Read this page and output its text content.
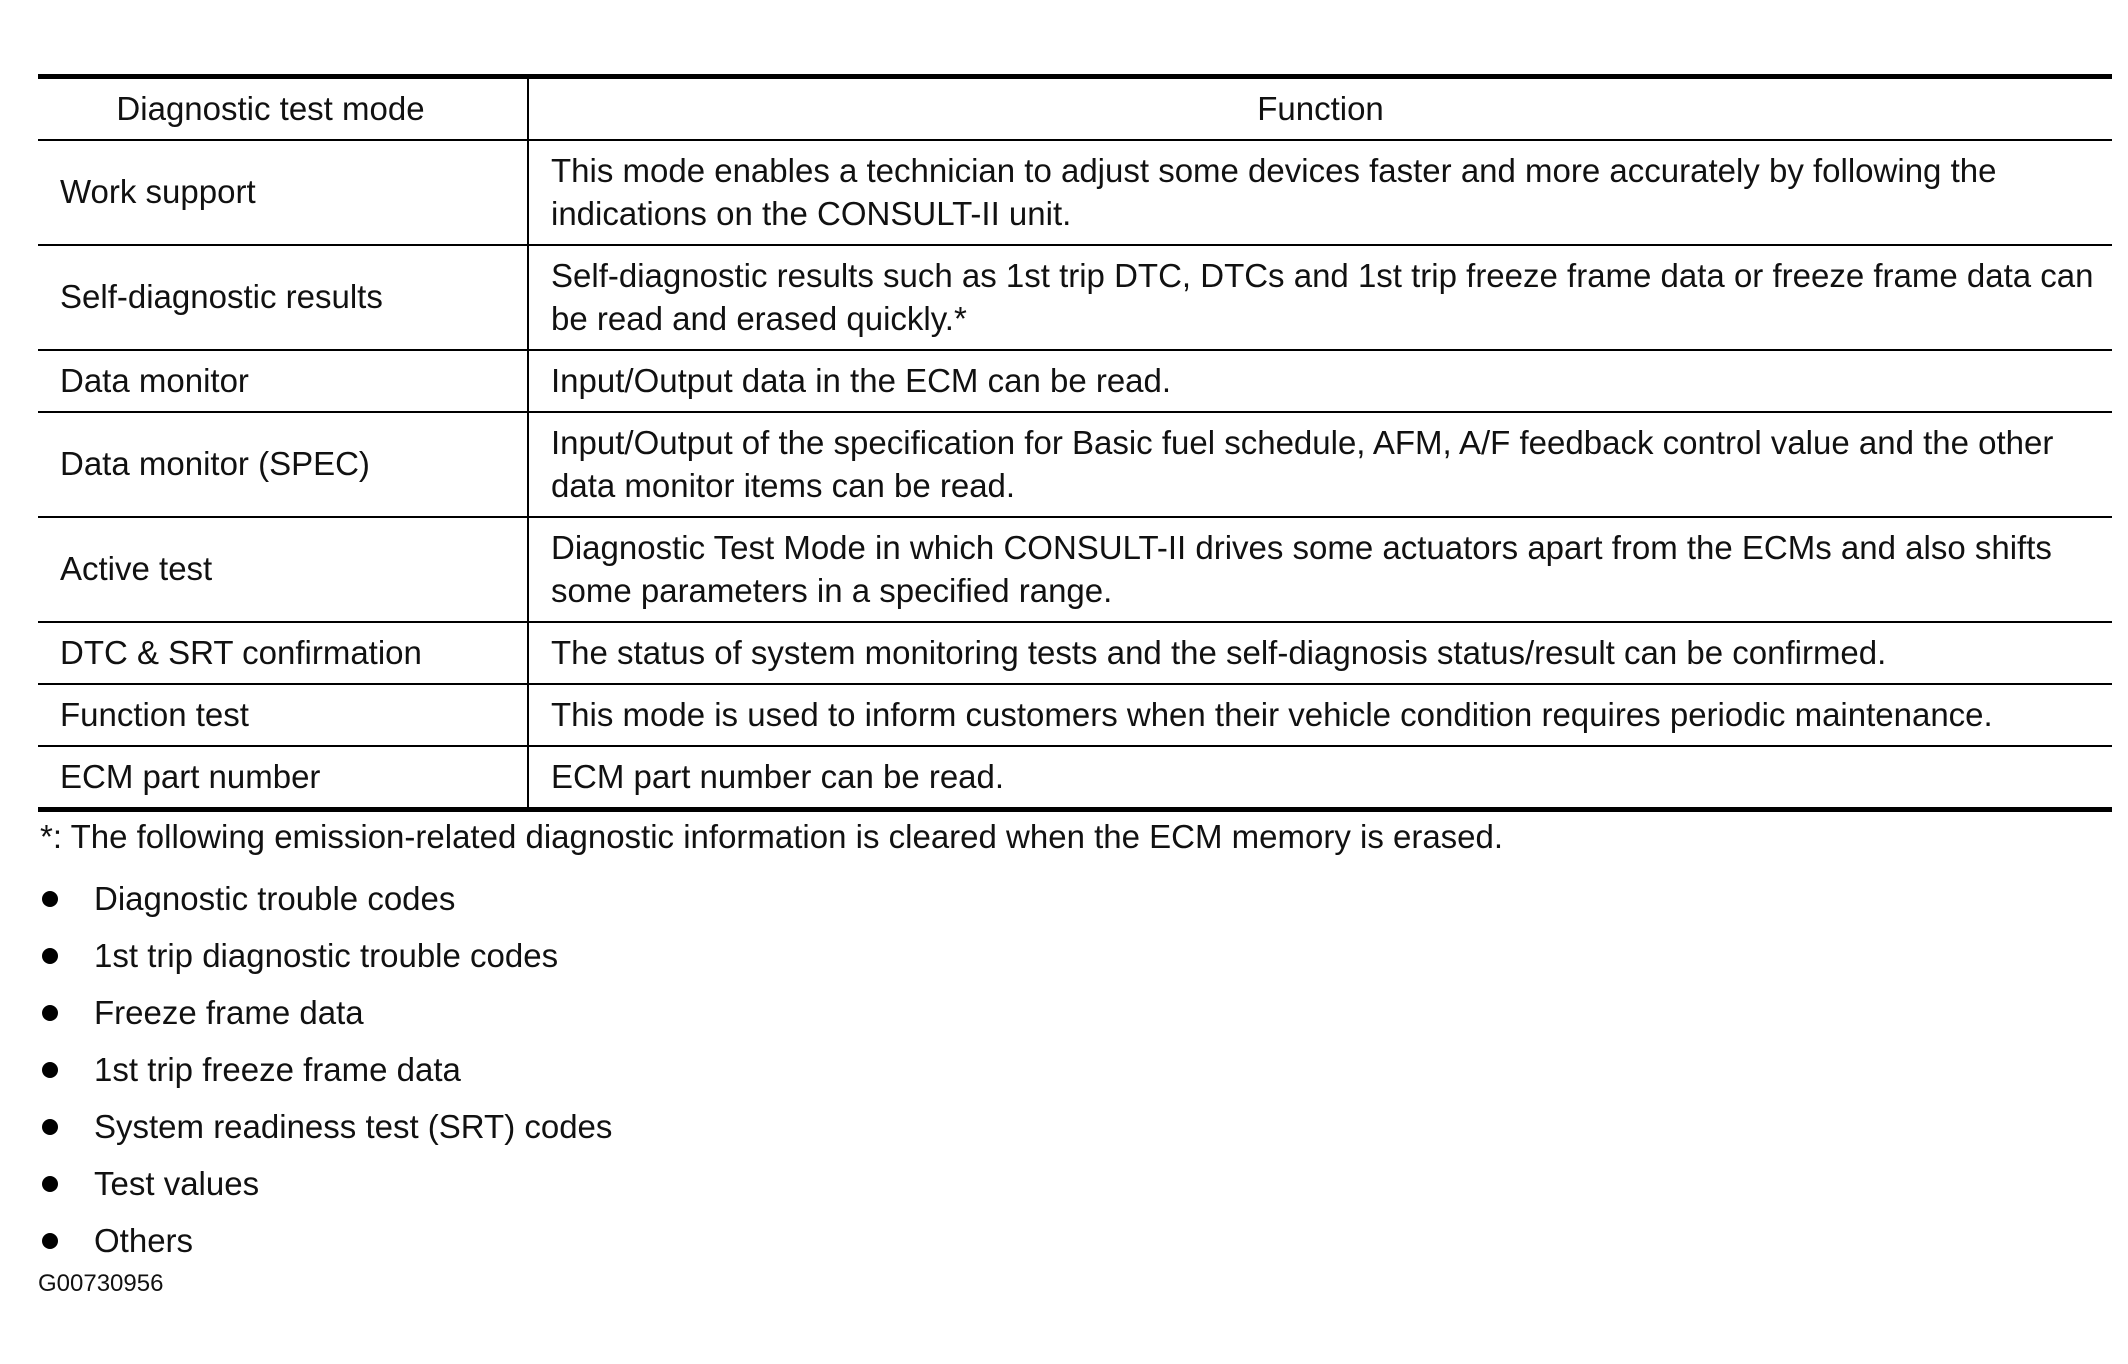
Diagnostic test mode	Function
Work support	This mode enables a technician to adjust some devices faster and more accurately by following the indications on the CONSULT-II unit.
Self-diagnostic results	Self-diagnostic results such as 1st trip DTC, DTCs and 1st trip freeze frame data or freeze frame data can be read and erased quickly.*
Data monitor	Input/Output data in the ECM can be read.
Data monitor (SPEC)	Input/Output of the specification for Basic fuel schedule, AFM, A/F feedback control value and the other data monitor items can be read.
Active test	Diagnostic Test Mode in which CONSULT-II drives some actuators apart from the ECMs and also shifts some parameters in a specified range.
DTC & SRT confirmation	The status of system monitoring tests and the self-diagnosis status/result can be confirmed.
Function test	This mode is used to inform customers when their vehicle condition requires periodic maintenance.
ECM part number	ECM part number can be read.
*: The following emission-related diagnostic information is cleared when the ECM memory is erased.
Diagnostic trouble codes
1st trip diagnostic trouble codes
Freeze frame data
1st trip freeze frame data
System readiness test (SRT) codes
Test values
Others
G00730956
